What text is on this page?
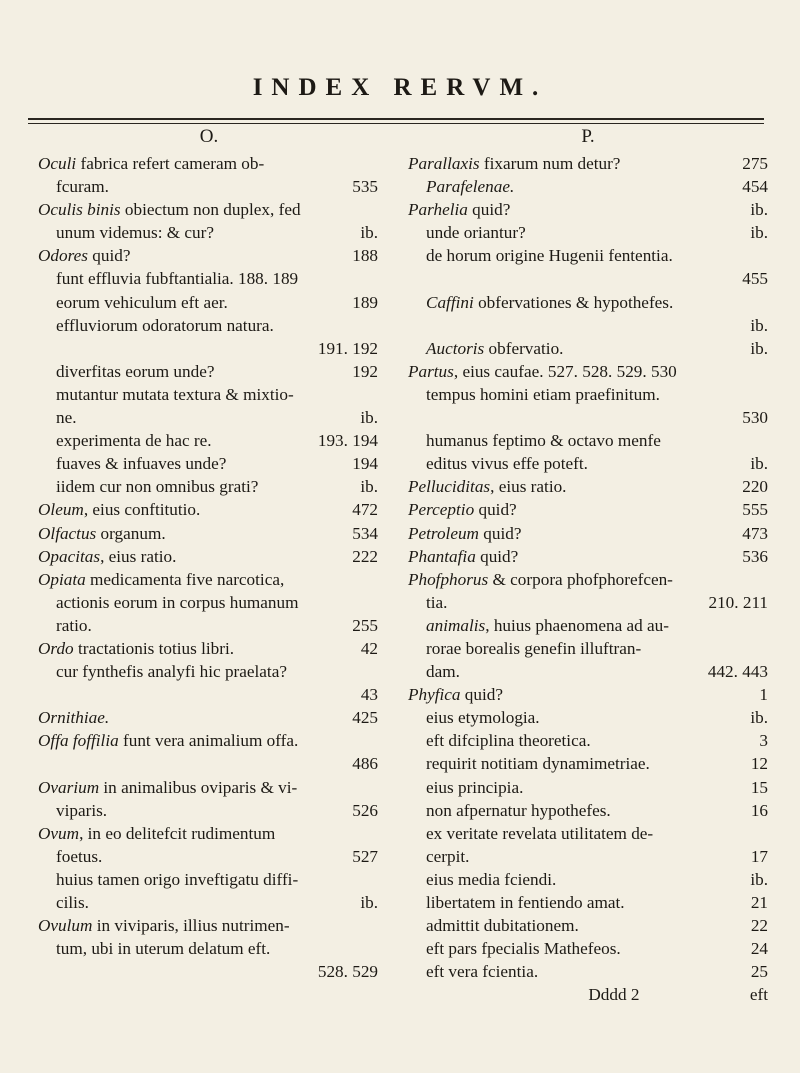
INDEX RERVM.
O.
Oculi fabrica refert cameram ob-
fcuram.	535
Oculis binis obiectum non duplex, fed
unum videmus: & cur?	ib.
Odores quid?	188
funt effluvia fubftantialia. 188. 189
eorum vehiculum eft aer.	189
effluviorum odoratorum natura.
191. 192
diverfitas eorum unde?	192
mutantur mutata textura & mixtio-
ne.	ib.
experimenta de hac re.	193. 194
fuaves & infuaves unde?	194
iidem cur non omnibus grati?	ib.
Oleum, eius conftitutio.	472
Olfactus organum.	534
Opacitas, eius ratio.	222
Opiata medicamenta five narcotica,
actionis eorum in corpus humanum
ratio.	255
Ordo tractationis totius libri.	42
cur fynthefis analyfi hic praelata?
43
Ornithiae.	425
Offa foffilia funt vera animalium offa.
486
Ovarium in animalibus oviparis & vi-
viparis.	526
Ovum, in eo delitefcit rudimentum
foetus.	527
huius tamen origo inveftigatu diffi-
cilis.	ib.
Ovulum in viviparis, illius nutrimen-
tum, ubi in uterum delatum eft.
528. 529
P.
Parallaxis fixarum num detur?	275
Parafelenae.	454
Parhelia quid?	ib.
unde oriantur?	ib.
de horum origine Hugenii fententia.
455
Caffini obfervationes & hypothefes.
ib.
Auctoris obfervatio.	ib.
Partus, eius caufae. 527. 528. 529. 530
tempus homini etiam praefinitum.
530
humanus feptimo & octavo menfe
editus vivus effe poteft.	ib.
Pelluciditas, eius ratio.	220
Perceptio quid?	555
Petroleum quid?	473
Phantafia quid?	536
Phofphorus & corpora phofphorefcen-
tia.	210. 211
animalis, huius phaenomena ad au-
rorae borealis genefin illuftran-
dam.	442. 443
Phyfica quid?	1
eius etymologia.	ib.
eft difciplina theoretica.	3
requirit notitiam dynamimetriae.	12
eius principia.	15
non afpernatur hypothefes.	16
ex veritate revelata utilitatem de-
cerpit.	17
eius media fciendi.	ib.
libertatem in fentiendo amat.	21
admittit dubitationem.	22
eft pars fpecialis Mathefeos.	24
eft vera fcientia.	25
Dddd 2	eft
